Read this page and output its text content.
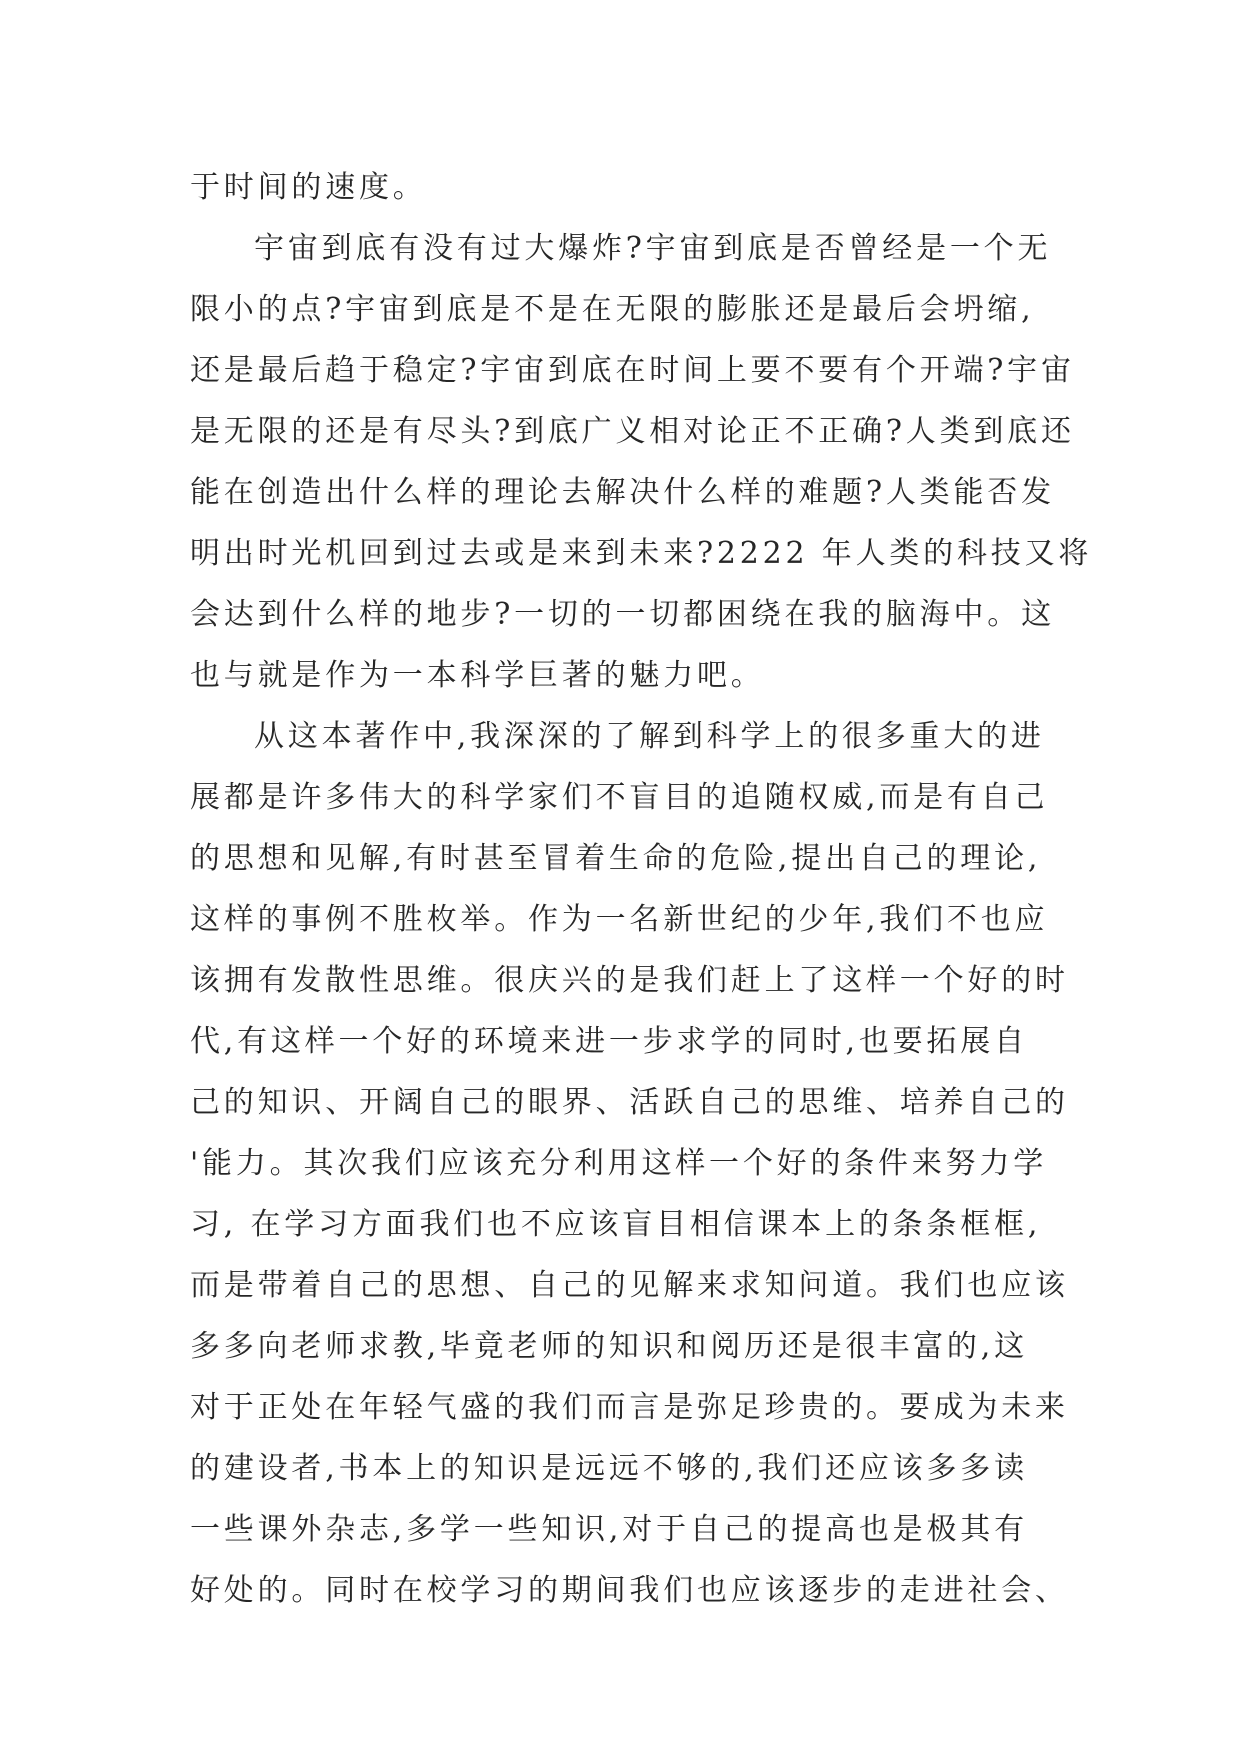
于时间的速度。
宇宙到底有没有过大爆炸?宇宙到底是否曾经是一个无
限小的点?宇宙到底是不是在无限的膨胀还是最后会坍缩,
还是最后趋于稳定?宇宙到底在时间上要不要有个开端?宇宙
是无限的还是有尽头?到底广义相对论正不正确?人类到底还
能在创造出什么样的理论去解决什么样的难题?人类能否发
明出时光机回到过去或是来到未来?2222 年人类的科技又将
会达到什么样的地步?一切的一切都困绕在我的脑海中。这
也与就是作为一本科学巨著的魅力吧。
从这本著作中,我深深的了解到科学上的很多重大的进
展都是许多伟大的科学家们不盲目的追随权威,而是有自己
的思想和见解,有时甚至冒着生命的危险,提出自己的理论,
这样的事例不胜枚举。作为一名新世纪的少年,我们不也应
该拥有发散性思维。很庆兴的是我们赶上了这样一个好的时
代,有这样一个好的环境来进一步求学的同时,也要拓展自
己的知识、开阔自己的眼界、活跃自己的思维、培养自己的
'能力。其次我们应该充分利用这样一个好的条件来努力学
习, 在学习方面我们也不应该盲目相信课本上的条条框框,
而是带着自己的思想、自己的见解来求知问道。我们也应该
多多向老师求教,毕竟老师的知识和阅历还是很丰富的,这
对于正处在年轻气盛的我们而言是弥足珍贵的。要成为未来
的建设者,书本上的知识是远远不够的,我们还应该多多读
一些课外杂志,多学一些知识,对于自己的提高也是极其有
好处的。同时在校学习的期间我们也应该逐步的走进社会、
